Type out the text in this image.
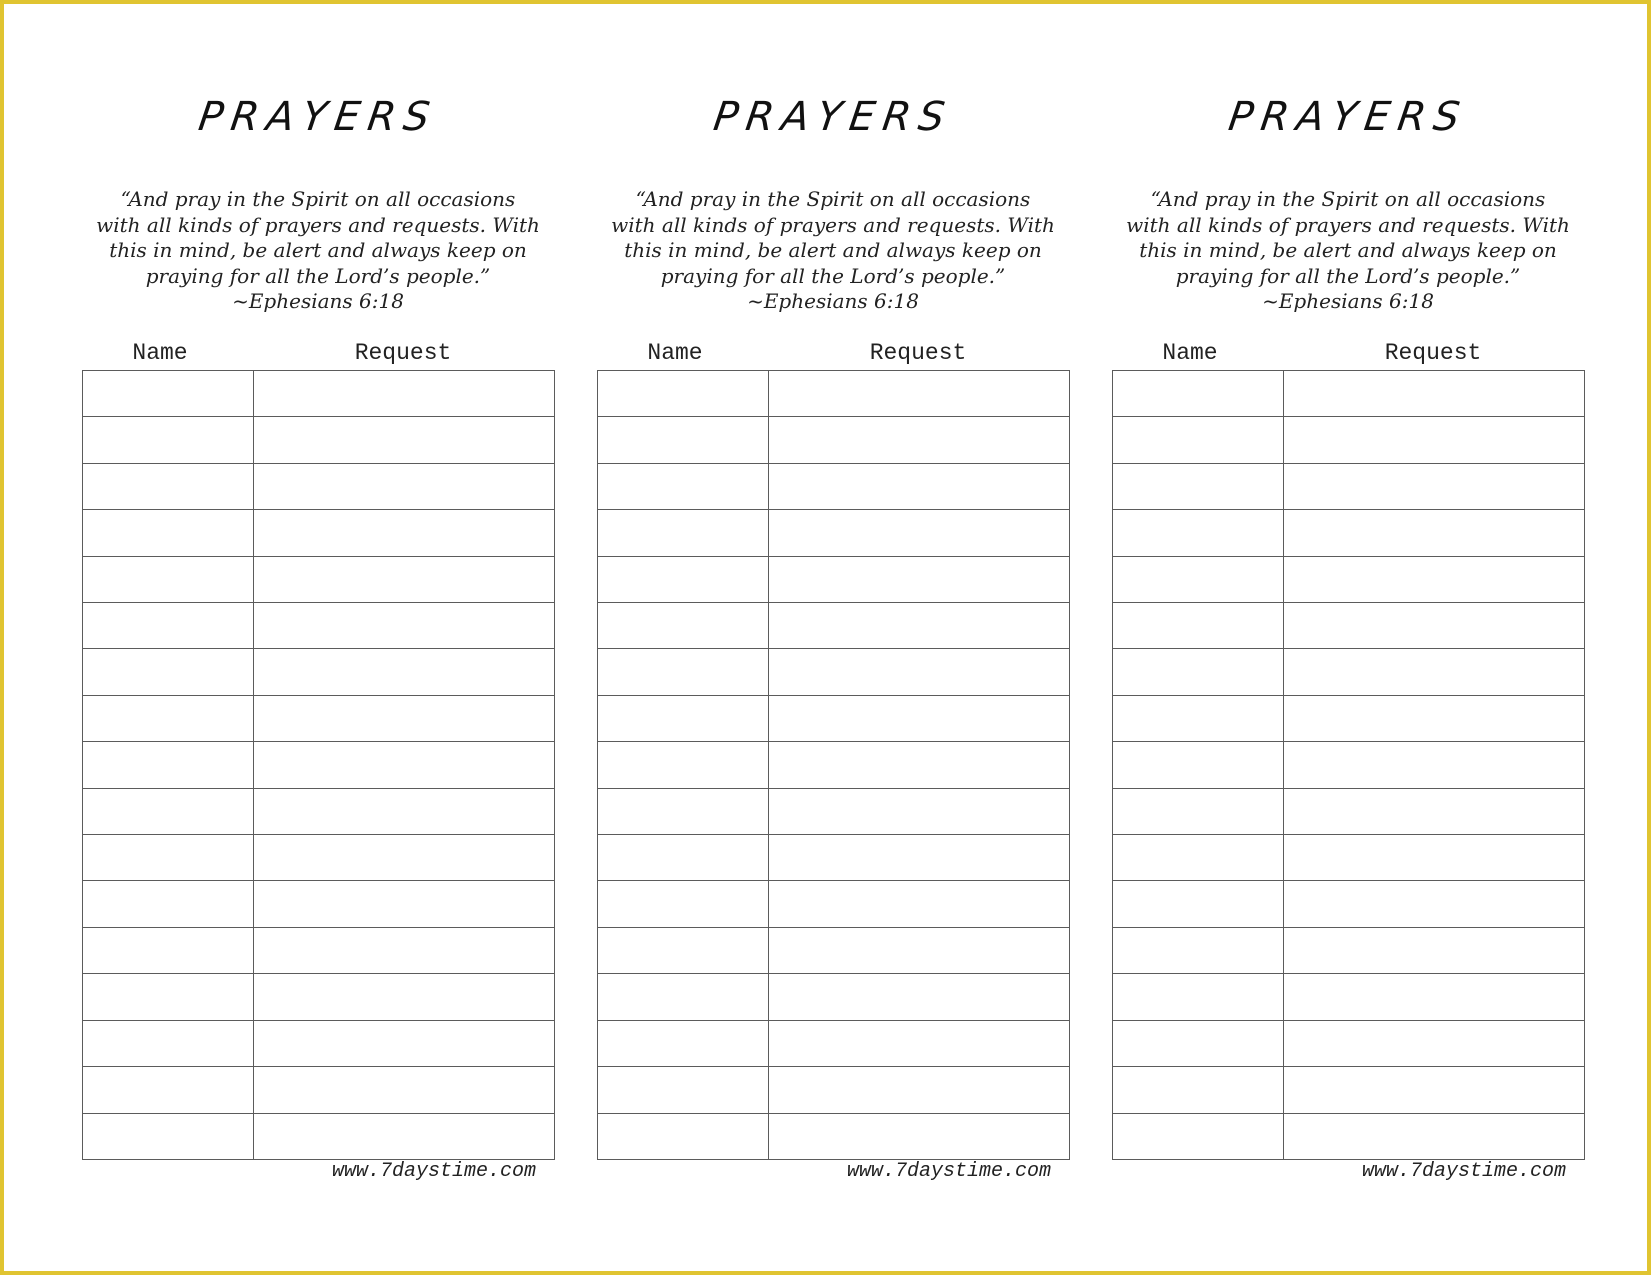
PRAYERS
“And pray in the Spirit on all occasions
with all kinds of prayers and requests. With
this in mind, be alert and always keep on
praying for all the Lord’s people.”
~Ephesians 6:18
Name	Request

www.7daystime.com
PRAYERS
“And pray in the Spirit on all occasions
with all kinds of prayers and requests. With
this in mind, be alert and always keep on
praying for all the Lord’s people.”
~Ephesians 6:18
Name	Request

www.7daystime.com
PRAYERS
“And pray in the Spirit on all occasions
with all kinds of prayers and requests. With
this in mind, be alert and always keep on
praying for all the Lord’s people.”
~Ephesians 6:18
Name	Request

www.7daystime.com
